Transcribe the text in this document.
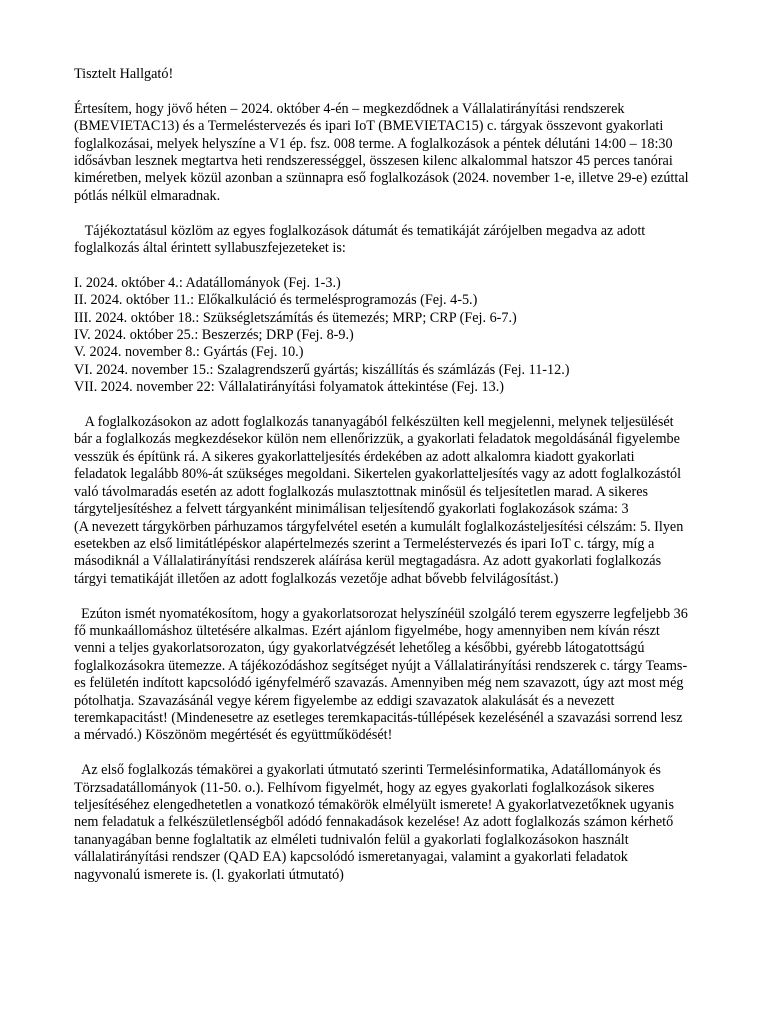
Tisztelt Hallgató!

Értesítem, hogy jövő héten – 2024. október 4-én – megkezdődnek a Vállalatirányítási rendszerek (BMEVIETAC13) és a Termeléstervezés és ipari IoT (BMEVIETAC15) c. tárgyak összevont gyakorlati foglalkozásai, melyek helyszíne a V1 ép. fsz. 008 terme. A foglalkozások a péntek délutáni 14:00 – 18:30 idősávban lesznek megtartva heti rendszerességgel, összesen kilenc alkalommal hatszor 45 perces tanórai kiméretben, melyek közül azonban a szünnapra eső foglalkozások (2024. november 1-e, illetve 29-e) ezúttal pótlás nélkül elmaradnak.

Tájékoztatásul közlöm az egyes foglalkozások dátumát és tematikáját zárójelben megadva az adott foglalkozás által érintett syllabuszfejezeteket is:

I. 2024. október 4.: Adatállományok (Fej. 1-3.)
II. 2024. október 11.: Előkalkuláció és termelésprogramozás (Fej. 4-5.)
III. 2024. október 18.: Szükségletszámítás és ütemezés; MRP; CRP (Fej. 6-7.)
IV. 2024. október 25.: Beszerzés; DRP (Fej. 8-9.)
V. 2024. november 8.: Gyártás (Fej. 10.)
VI. 2024. november 15.: Szalagrendszerű gyártás; kiszállítás és számlázás (Fej. 11-12.)
VII. 2024. november 22: Vállalatirányítási folyamatok áttekintése (Fej. 13.)

A foglalkozásokon az adott foglalkozás tananyagából felkészülten kell megjelenni, melynek teljesülését bár a foglalkozás megkezdésekor külön nem ellenőrizzük, a gyakorlati feladatok megoldásánál figyelembe vesszük és építünk rá. A sikeres gyakorlatteljesítés érdekében az adott alkalomra kiadott gyakorlati feladatok legalább 80%-át szükséges megoldani. Sikertelen gyakorlatteljesítés vagy az adott foglalkozástól való távolmaradás esetén az adott foglalkozás mulasztottnak minősül és teljesítetlen marad. A sikeres tárgyteljesítéshez a felvett tárgyanként minimálisan teljesítendő gyakorlati foglakozások száma: 3

(A nevezett tárgykörben párhuzamos tárgyfelvétel esetén a kumulált foglalkozásteljesítési célszám: 5. Ilyen esetekben az első limitátlépéskor alapértelmezés szerint a Termeléstervezés és ipari IoT c. tárgy, míg a másodiknál a Vállalatirányítási rendszerek aláírása kerül megtagadásra. Az adott gyakorlati foglalkozás tárgyi tematikáját illetően az adott foglalkozás vezetője adhat bővebb felvilágosítást.)

Ezúton ismét nyomatékosítom, hogy a gyakorlatsorozat helyszínéül szolgáló terem egyszerre legfeljebb 36 fő munkaállomáshoz ültetésére alkalmas. Ezért ajánlom figyelmébe, hogy amennyiben nem kíván részt venni a teljes gyakorlatsorozaton, úgy gyakorlatvégzését lehetőleg a későbbi, gyérebb látogatottságú foglalkozásokra ütemezze. A tájékozódáshoz segítséget nyújt a Vállalatirányítási rendszerek c. tárgy Teams-es felületén indított kapcsolódó igényfelmérő szavazás. Amennyiben még nem szavazott, úgy azt most még pótolhatja. Szavazásánál vegye kérem figyelembe az eddigi szavazatok alakulását és a nevezett teremkapacitást! (Mindenesetre az esetleges teremkapacitás-túllépések kezelésénél a szavazási sorrend lesz a mérvadó.) Köszönöm megértését és együttműködését!

Az első foglalkozás témakörei a gyakorlati útmutató szerinti Termelésinformatika, Adatállományok és Törzsadatállományok (11-50. o.). Felhívom figyelmét, hogy az egyes gyakorlati foglalkozások sikeres teljesítéséhez elengedhetetlen a vonatkozó témakörök elmélyült ismerete! A gyakorlatvezetőknek ugyanis nem feladatuk a felkészületlenségből adódó fennakadások kezelése! Az adott foglalkozás számon kérhető tananyagában benne foglaltatik az elméleti tudnivalón felül a gyakorlati foglalkozásokon használt vállalatirányítási rendszer (QAD EA) kapcsolódó ismeretanyagai, valamint a gyakorlati feladatok nagyvonalú ismerete is. (l. gyakorlati útmutató)
